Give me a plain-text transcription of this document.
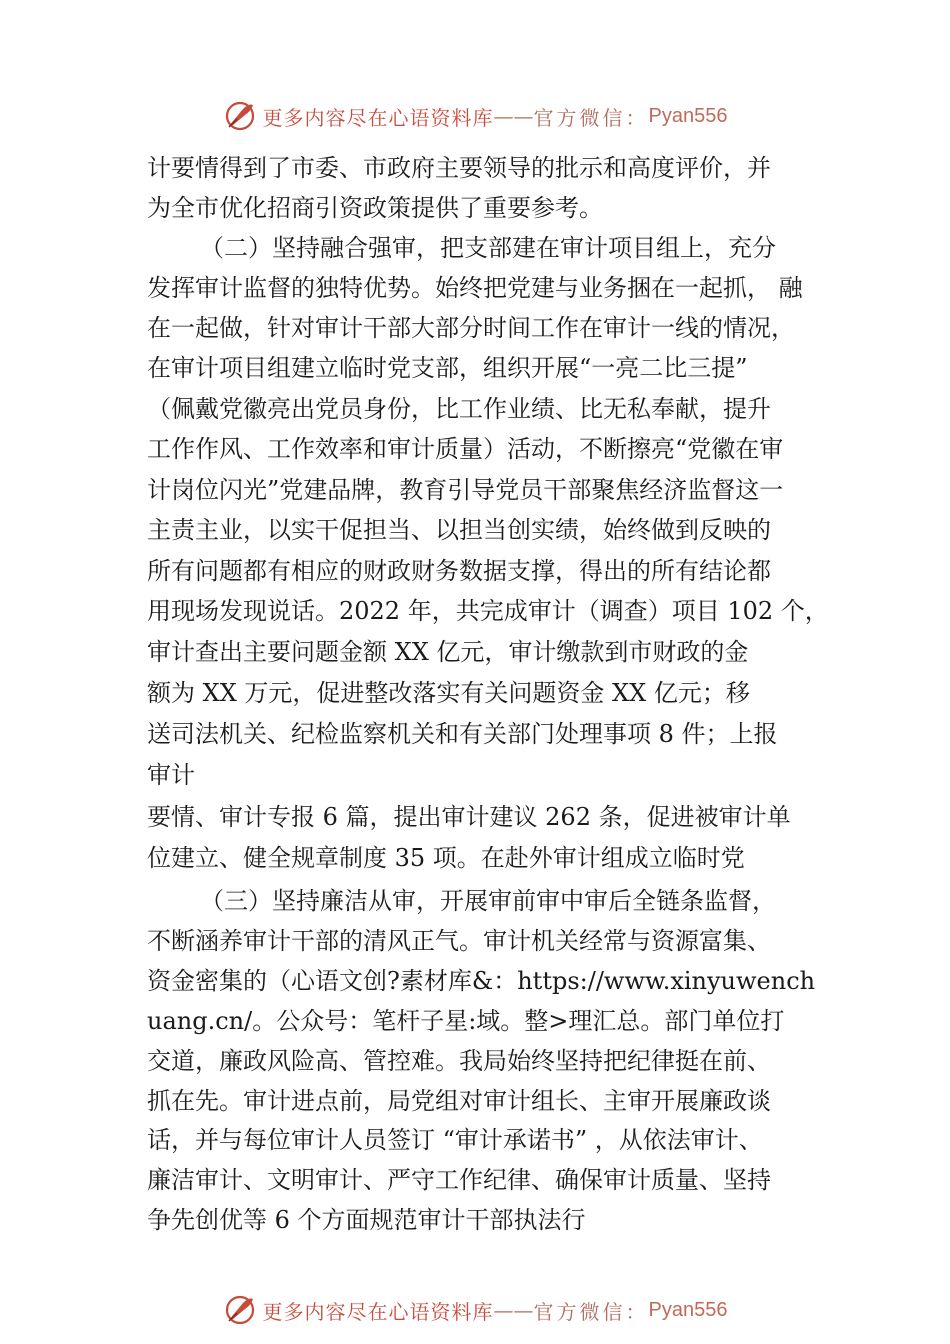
更多内容尽在心语资料库 —— 官方微信： Pyan556
计要情得到了市委、市政府主要领导的批示和高度评价，并
为全市优化招商引资政策提供了重要参考。
（二）坚持融合强审，把支部建在审计项目组上，充分
发挥审计监督的独特优势。始终把党建与业务捆在一起抓， 融
在一起做，针对审计干部大部分时间工作在审计一线的情况，
在审计项目组建立临时党支部，组织开展“一亮二比三提”
（佩戴党徽亮出党员身份，比工作业绩、比无私奉献，提升
工作作风、工作效率和审计质量）活动，不断擦亮“党徽在审
计岗位闪光”党建品牌，教育引导党员干部聚焦经济监督这一
主责主业，以实干促担当、以担当创实绩，始终做到反映的
所有问题都有相应的财政财务数据支撑，得出的所有结论都
用现场发现说话。2022 年，共完成审计（调查）项目 102 个，
审计查出主要问题金额 XX 亿元，审计缴款到市财政的金
额为 XX 万元，促进整改落实有关问题资金 XX 亿元；移
送司法机关、纪检监察机关和有关部门处理事项 8 件；上报
审计
要情、审计专报 6 篇，提出审计建议 262 条，促进被审计单
位建立、健全规章制度 35 项。在赴外审计组成立临时党
（三）坚持廉洁从审，开展审前审中审后全链条监督，
不断涵养审计干部的清风正气。审计机关经常与资源富集、
资金密集的（心语文创?素材库&：https://www.xinyuwench
uang.cn/。公众号：笔杆子星:域。整>理汇总。部门单位打
交道，廉政风险高、管控难。我局始终坚持把纪律挺在前、
抓在先。审计进点前，局党组对审计组长、主审开展廉政谈
话，并与每位审计人员签订 “审计承诺书” ，从依法审计、
廉洁审计、文明审计、严守工作纪律、确保审计质量、坚持
争先创优等 6 个方面规范审计干部执法行
更多内容尽在心语资料库 —— 官方微信： Pyan556
